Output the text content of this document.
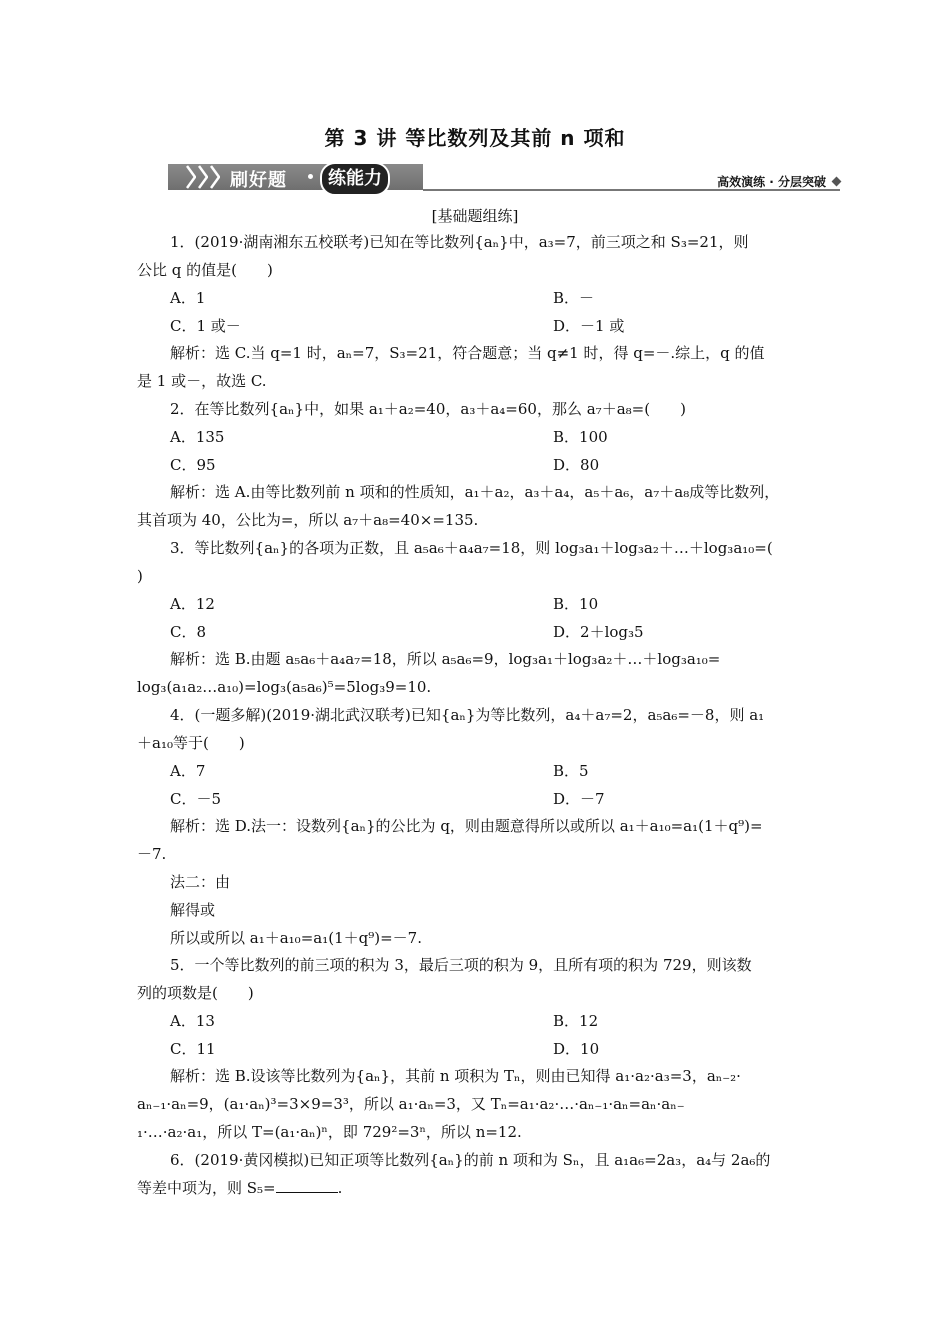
第 3 讲 等比数列及其前 n 项和
刷好题	练能力	高效演练 · 分层突破
[基础题组练]
1．(2019·湖南湘东五校联考)已知在等比数列{aₙ}中，a₃=7，前三项之和 S₃=21，则
公比 q 的值是(　　)
A．1	B．－
C．1 或－	D．－1 或
解析：选 C.当 q=1 时，aₙ=7，S₃=21，符合题意；当 q≠1 时，得 q=－.综上，q 的值
是 1 或－，故选 C.
2．在等比数列{aₙ}中，如果 a₁＋a₂=40，a₃＋a₄=60，那么 a₇＋a₈=(　　)
A．135	B．100
C．95	D．80
解析：选 A.由等比数列前 n 项和的性质知，a₁＋a₂，a₃＋a₄，a₅＋a₆，a₇＋a₈成等比数列，
其首项为 40，公比为=，所以 a₇＋a₈=40×=135.
3．等比数列{aₙ}的各项为正数，且 a₅a₆＋a₄a₇=18，则 log₃a₁＋log₃a₂＋…＋log₃a₁₀=(
)
A．12	B．10
C．8	D．2＋log₃5
解析：选 B.由题 a₅a₆＋a₄a₇=18，所以 a₅a₆=9，log₃a₁＋log₃a₂＋…＋log₃a₁₀=
log₃(a₁a₂…a₁₀)=log₃(a₅a₆)⁵=5log₃9=10.
4．(一题多解)(2019·湖北武汉联考)已知{aₙ}为等比数列，a₄＋a₇=2，a₅a₆=－8，则 a₁
＋a₁₀等于(　　)
A．7	B．5
C．－5	D．－7
解析：选 D.法一：设数列{aₙ}的公比为 q，则由题意得所以或所以 a₁＋a₁₀=a₁(1＋q⁹)=
－7.
法二：由
解得或
所以或所以 a₁＋a₁₀=a₁(1＋q⁹)=－7.
5．一个等比数列的前三项的积为 3，最后三项的积为 9，且所有项的积为 729，则该数
列的项数是(　　)
A．13	B．12
C．11	D．10
解析：选 B.设该等比数列为{aₙ}，其前 n 项积为 Tₙ，则由已知得 a₁·a₂·a₃=3，aₙ₋₂·
aₙ₋₁·aₙ=9，(a₁·aₙ)³=3×9=3³，所以 a₁·aₙ=3，又 Tₙ=a₁·a₂·…·aₙ₋₁·aₙ=aₙ·aₙ₋
₁·…·a₂·a₁，所以 T=(a₁·aₙ)ⁿ，即 729²=3ⁿ，所以 n=12.
6．(2019·黄冈模拟)已知正项等比数列{aₙ}的前 n 项和为 Sₙ，且 a₁a₆=2a₃，a₄与 2a₆的
等差中项为，则 S₅=	.
